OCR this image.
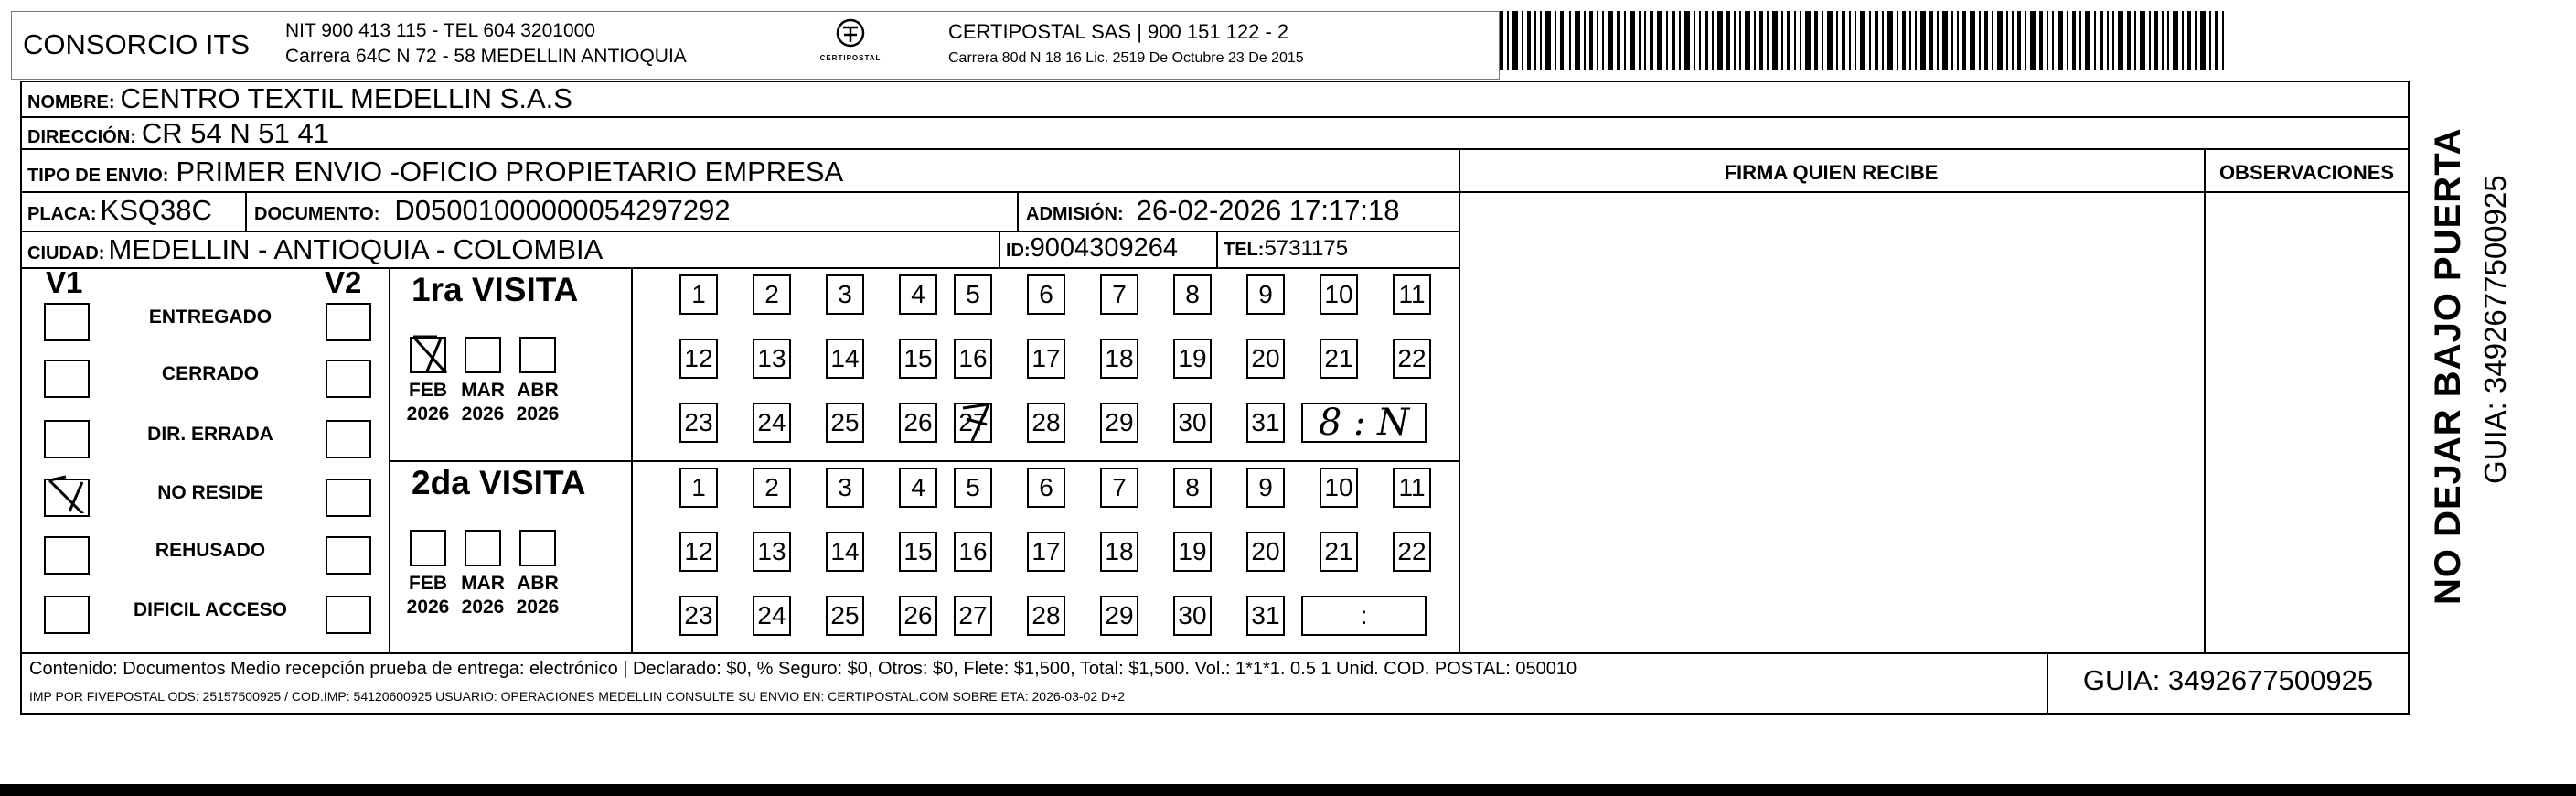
CONSORCIO ITS NIT 900 413 115 - TEL 604 3201000
Carrera 64C N 72 - 58 MEDELLIN ANTIOQUIA	CERTIPOSTAL
CERTIPOSTAL SAS | 900 151 122 - 2
Carrera 80d N 18 16 Lic. 2519 De Octubre 23 De 2015
NOMBRE: CENTRO TEXTIL MEDELLIN S.A.S
DIRECCIÓN: CR 54 N 51 41
TIPO DE ENVIO: PRIMER ENVIO -OFICIO PROPIETARIO EMPRESA
PLACA: KSQ38C DOCUMENTO: D05001000000054297292	ADMISIÓN: 26-02-2026 17:17:18
CIUDAD: MEDELLIN - ANTIOQUIA - COLOMBIA	ID: 9004309264	TEL: 5731175
FIRMA QUIEN RECIBE	OBSERVACIONES
V1	V2
ENTREGADO
CERRADO
DIR. ERRADA
NO RESIDE
REHUSADO
DIFICIL ACCESO
1ra VISITA
FEB
2026
MAR
2026
ABR
2026
1	2	3	4	5	6	7	8	9	10 11
12 13 14 15 16 17 18 19 20 21 22
23 24 25 26 27 28 29 30 31	8 : N
2da VISITA
FEB
2026
MAR
2026
ABR
2026
1	2	3	4	5	6	7	8	9	10 11
12 13 14 15 16 17 18 19 20 21 22
23 24 25 26 27 28 29 30 31	:
Contenido: Documentos Medio recepción prueba de entrega: electrónico | Declarado: $0, % Seguro: $0, Otros: $0, Flete: $1,500, Total: $1,500. Vol.: 1*1*1. 0.5 1 Unid. COD. POSTAL: 050010
IMP POR FIVEPOSTAL ODS: 25157500925 / COD.IMP: 54120600925 USUARIO: OPERACIONES MEDELLIN CONSULTE SU ENVIO EN: CERTIPOSTAL.COM SOBRE ETA: 2026-03-02 D+2	GUIA: 3492677500925
NO DEJAR BAJO PUERTA GUIA: 3492677500925
